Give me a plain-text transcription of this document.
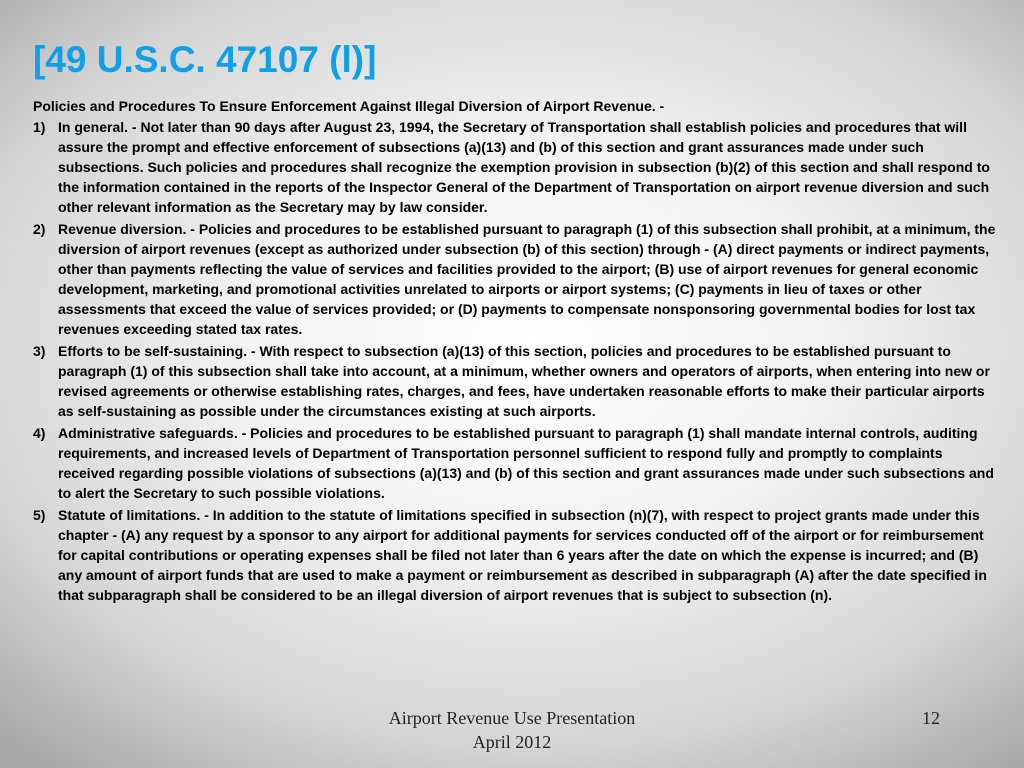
[49 U.S.C. 47107 (l)]

Policies and Procedures To Ensure Enforcement Against Illegal Diversion of Airport Revenue. -

1) In general. - Not later than 90 days after August 23, 1994, the Secretary of Transportation shall establish policies and procedures that will assure the prompt and effective enforcement of subsections (a)(13) and (b) of this section and grant assurances made under such subsections. Such policies and procedures shall recognize the exemption provision in subsection (b)(2) of this section and shall respond to the information contained in the reports of the Inspector General of the Department of Transportation on airport revenue diversion and such other relevant information as the Secretary may by law consider.
2) Revenue diversion. - Policies and procedures to be established pursuant to paragraph (1) of this subsection shall prohibit, at a minimum, the diversion of airport revenues (except as authorized under subsection (b) of this section) through - (A) direct payments or indirect payments, other than payments reflecting the value of services and facilities provided to the airport; (B) use of airport revenues for general economic development, marketing, and promotional activities unrelated to airports or airport systems; (C) payments in lieu of taxes or other assessments that exceed the value of services provided; or (D) payments to compensate nonsponsoring governmental bodies for lost tax revenues exceeding stated tax rates.
3) Efforts to be self-sustaining. - With respect to subsection (a)(13) of this section, policies and procedures to be established pursuant to paragraph (1) of this subsection shall take into account, at a minimum, whether owners and operators of airports, when entering into new or revised agreements or otherwise establishing rates, charges, and fees, have undertaken reasonable efforts to make their particular airports as self-sustaining as possible under the circumstances existing at such airports.
4) Administrative safeguards. - Policies and procedures to be established pursuant to paragraph (1) shall mandate internal controls, auditing requirements, and increased levels of Department of Transportation personnel sufficient to respond fully and promptly to complaints received regarding possible violations of subsections (a)(13) and (b) of this section and grant assurances made under such subsections and to alert the Secretary to such possible violations.
5) Statute of limitations. - In addition to the statute of limitations specified in subsection (n)(7), with respect to project grants made under this chapter - (A) any request by a sponsor to any airport for additional payments for services conducted off of the airport or for reimbursement for capital contributions or operating expenses shall be filed not later than 6 years after the date on which the expense is incurred; and (B) any amount of airport funds that are used to make a payment or reimbursement as described in subparagraph (A) after the date specified in that subparagraph shall be considered to be an illegal diversion of airport revenues that is subject to subsection (n).
Airport Revenue Use Presentation
April 2012
12
